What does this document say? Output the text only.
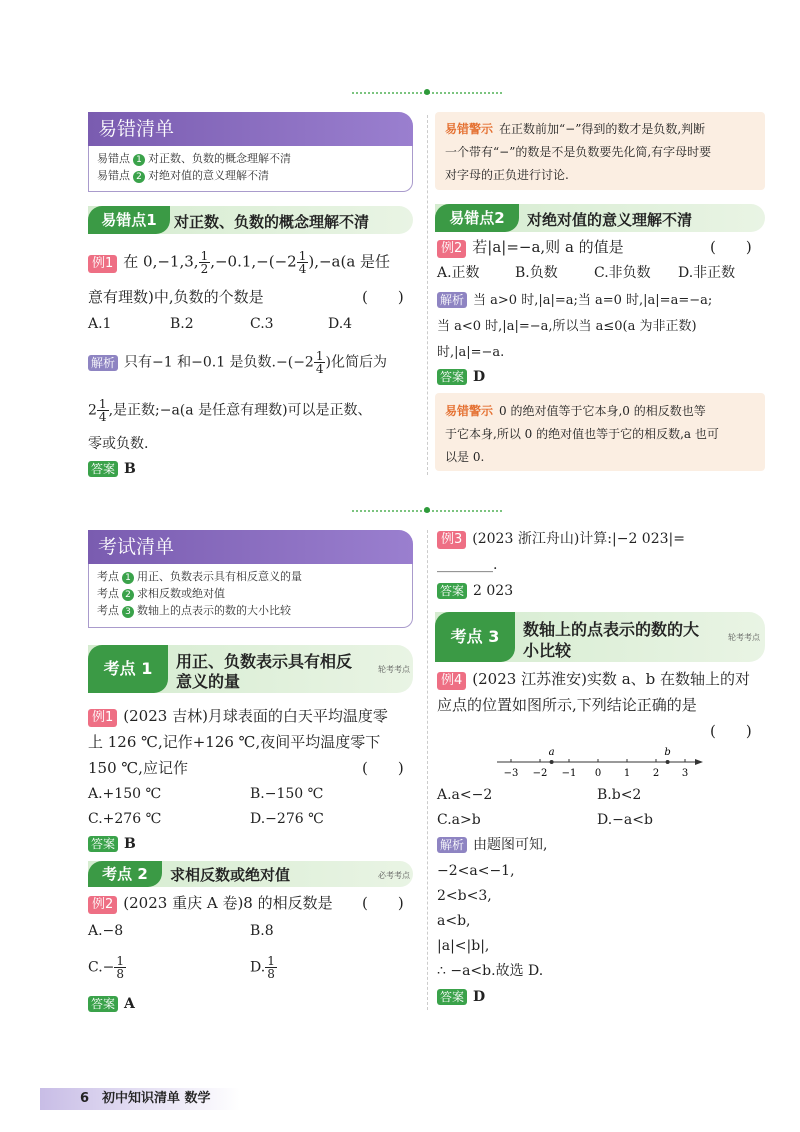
易错清单
易错点 1 对正数、负数的概念理解不清
易错点 2 对绝对值的意义理解不清
对正数、负数的概念理解不清
易错点1
例1 在 0,−1,3, $\frac{1}{2} ,-0.1,-(-2 \frac{1}{4} ),-a(a$ 是任
意有理数)中,负数的个数是	(　　)
A.1	B.2	C.3	D.4
解析 只有−1 和−0.1 是负数$.-(-2 \frac{1}{4}$ )化简后为
$2 \frac{1}{4}$ ,是正数;−a(a 是任意有理数)可以是正数、
零或负数.
答案 B
易错警示 在正数前加“−”得到的数才是负数,判断
一个带有“−”的数是不是负数要先化简,有字母时要
对字母的正负进行讨论.
对绝对值的意义理解不清
易错点2
例2 若|a|=−a,则 a 的值是	(　　)
A.正数	B.负数	C.非负数 D.非正数
解析 当 a>0 时,|a|=a;当 a=0 时,|a|=a=−a;
当 a<0 时,|a|=−a,所以当 a≤0(a 为非正数)
时,|a|=−a.
答案 D
易错警示 0 的绝对值等于它本身,0 的相反数也等
于它本身,所以 0 的绝对值也等于它的相反数,a 也可
以是 0.
考试清单
考点 1 用正、负数表示具有相反意义的量
考点 2 求相反数或绝对值
考点 3 数轴上的点表示的数的大小比较
用正、负数表示具有相反
意义的量
考点 1	轮考考点
例1 (2023 吉林)月球表面的白天平均温度零
上 126 ℃,记作+126 ℃,夜间平均温度零下
150 ℃,应记作	(　　)
A.+150 ℃	B.−150 ℃
C.+276 ℃	D.−276 ℃
答案 B
求相反数或绝对值
考点 2	必考考点
例2 (2023 重庆 A 卷)8 的相反数是 (　　)
A.−8	B.8
$C.- \frac{1}{8}$	D. $\frac{1}{8}$
答案 A
例3 (2023 浙江舟山)计算:|−2 023|=
________.
答案 2 023
数轴上的点表示的数的大
小比较
考点 3	轮考考点
例4 (2023 江苏淮安)实数 a、b 在数轴上的对
应点的位置如图所示,下列结论正确的是
(　　)
−3 −2 −1 0 1 2 3
a	b
A.a<−2	B.b<2
C.a>b	D.−a<b
解析 由题图可知,
−2<a<−1,
2<b<3,
a<b,
|a|<|b|,
∴ −a<b.故选 D.
答案 D
6 初中知识清单 数学
